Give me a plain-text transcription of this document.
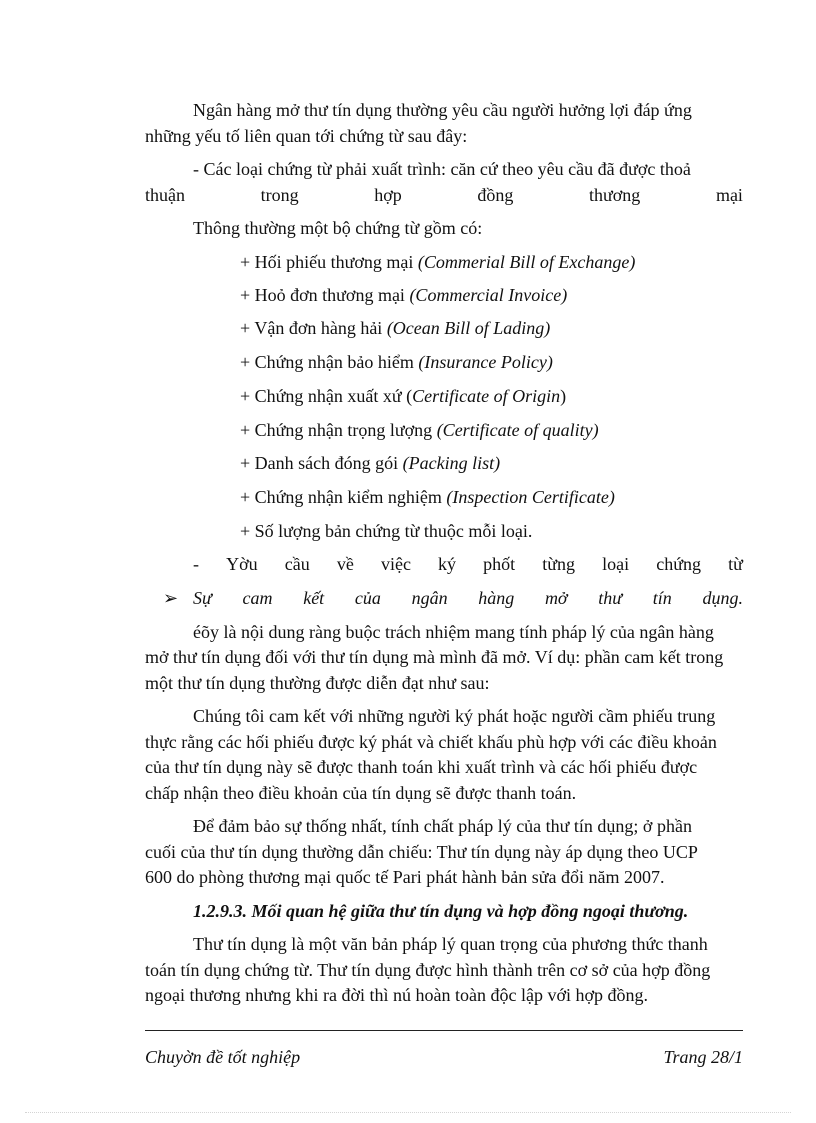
Ngân hàng mở thư tín dụng thường yêu cầu người hưởng lợi đáp ứng

những yếu tố liên quan tới chứng từ sau đây:

- Các loại chứng từ phải xuất trình: căn cứ theo yêu cầu đã được thoả

thuận	trong	hợp	đồng	thương	mại

Thông thường một bộ chứng từ gồm có:

+ Hối phiếu thương mại (Commerial Bill of Exchange)

+ Hoỏ đơn thương mại (Commercial Invoice)

+ Vận đơn hàng hải (Ocean Bill of Lading)

+ Chứng nhận bảo hiểm (Insurance Policy)

+ Chứng nhận xuất xứ (Certificate of Origin)

+ Chứng nhận trọng lượng (Certificate of quality)

+ Danh sách đóng gói (Packing list)

+ Chứng nhận kiểm nghiệm (Inspection Certificate)

+ Số lượng bản chứng từ thuộc mỗi loại.

- Yờu cầu về việc ký phốt từng loại chứng từ
➢ Sự cam kết của ngân hàng mở thư tín dụng.

éõy là nội dung ràng buộc trách nhiệm mang tính pháp lý của ngân hàng

mở thư tín dụng đối với thư tín dụng mà mình đã mở. Ví dụ: phần cam kết trong

một thư tín dụng thường được diễn đạt như sau:

Chúng tôi cam kết với những người ký phát hoặc người cầm phiếu trung

thực rằng các hối phiếu được ký phát và chiết khấu phù hợp với các điều khoản

của thư tín dụng này sẽ được thanh toán khi xuất trình và các hối phiếu được

chấp nhận theo điều khoản của tín dụng sẽ được thanh toán.

Để đảm bảo sự thống nhất, tính chất pháp lý của thư tín dụng; ở phần

cuối của thư tín dụng thường dẫn chiếu: Thư tín dụng này áp dụng theo UCP

600 do phòng thương mại quốc tế Pari phát hành bản sửa đổi năm 2007.

1.2.9.3. Mối quan hệ giữa thư tín dụng và hợp đồng ngoại thương.

Thư tín dụng là một văn bản pháp lý quan trọng của phương thức thanh

toán tín dụng chứng từ. Thư tín dụng được hình thành trên cơ sở của hợp đồng

ngoại thương nhưng khi ra đời thì nú hoàn toàn độc lập với hợp đồng.

Chuyờn đề tốt nghiệp	Trang 28/1
